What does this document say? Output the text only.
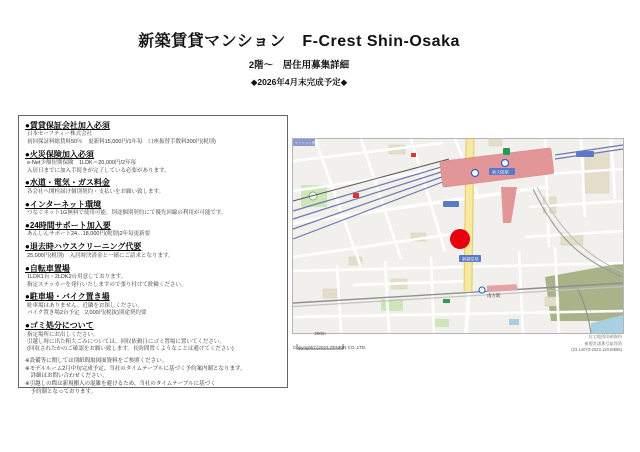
新築賃貸マンション　F-Crest Shin-Osaka
2階〜　居住用募集詳細
◆2026年4月末完成予定◆
●賃貸保証会社加入必須
日本セーフティー株式会社
初回保証料総賃料50％　更新料15,000円/1年毎　口座振替手数料300円(税別)
●火災保険加入必須
e-Net少額短期保険　1LDK＝20,000円/2年毎
入居日までに加入手続きが完了している必要があります。
●水道・電気・ガス料金
各会社へ開栓届け個別契約・支払いをお願い致します。
●インターネット環境
つなぐネット1G無料で使用可能。別途個別契約にて優先回線の利用が可能です。
●24時間サポート加入要
あんしんサポート24…18,000円(税別)2年毎更新要
●退去時ハウスクリーニング代要
25,000円(税別)　入居時決済金と一緒にご請求となります。
●自転車置場
1LDK1台・2LDK2台用意しております。
指定ステッカーを発行いたしますので張り付けて駐輪ください。
●駐車場・バイク置き場
駐車場はありません。近隣をお探しください。
バイク置き場2台予定　2,000円(税抜)別途契約要
●ゴミ処分について
指定場所にお出しください。
引越し時に出た粗大ごみについては、回収依頼日にゴミ置場に置いてください。
(回収されたかのご確認をお願い致します。長時間置くようなことは避けてください)
※設備等に関しては別紙間取図面資料をご参照ください。
※モデルルーム2月中旬完成予定、当社のタイムテーブルに基づく予約案内制となります。
　詳細はお問い合わせください。
※引越しの際は新規搬入の混雑を避けるため、当社のタイムテーブルに基づく
　予約制となっております。
新大阪駅
新御堂筋
マンション図
南方駅
200m
Copyright(C)2023 ZENRIN CO.,LTD.
住宅地図印刷資料
複製許諾番号取得済
(23.14073-2023.12019865)
